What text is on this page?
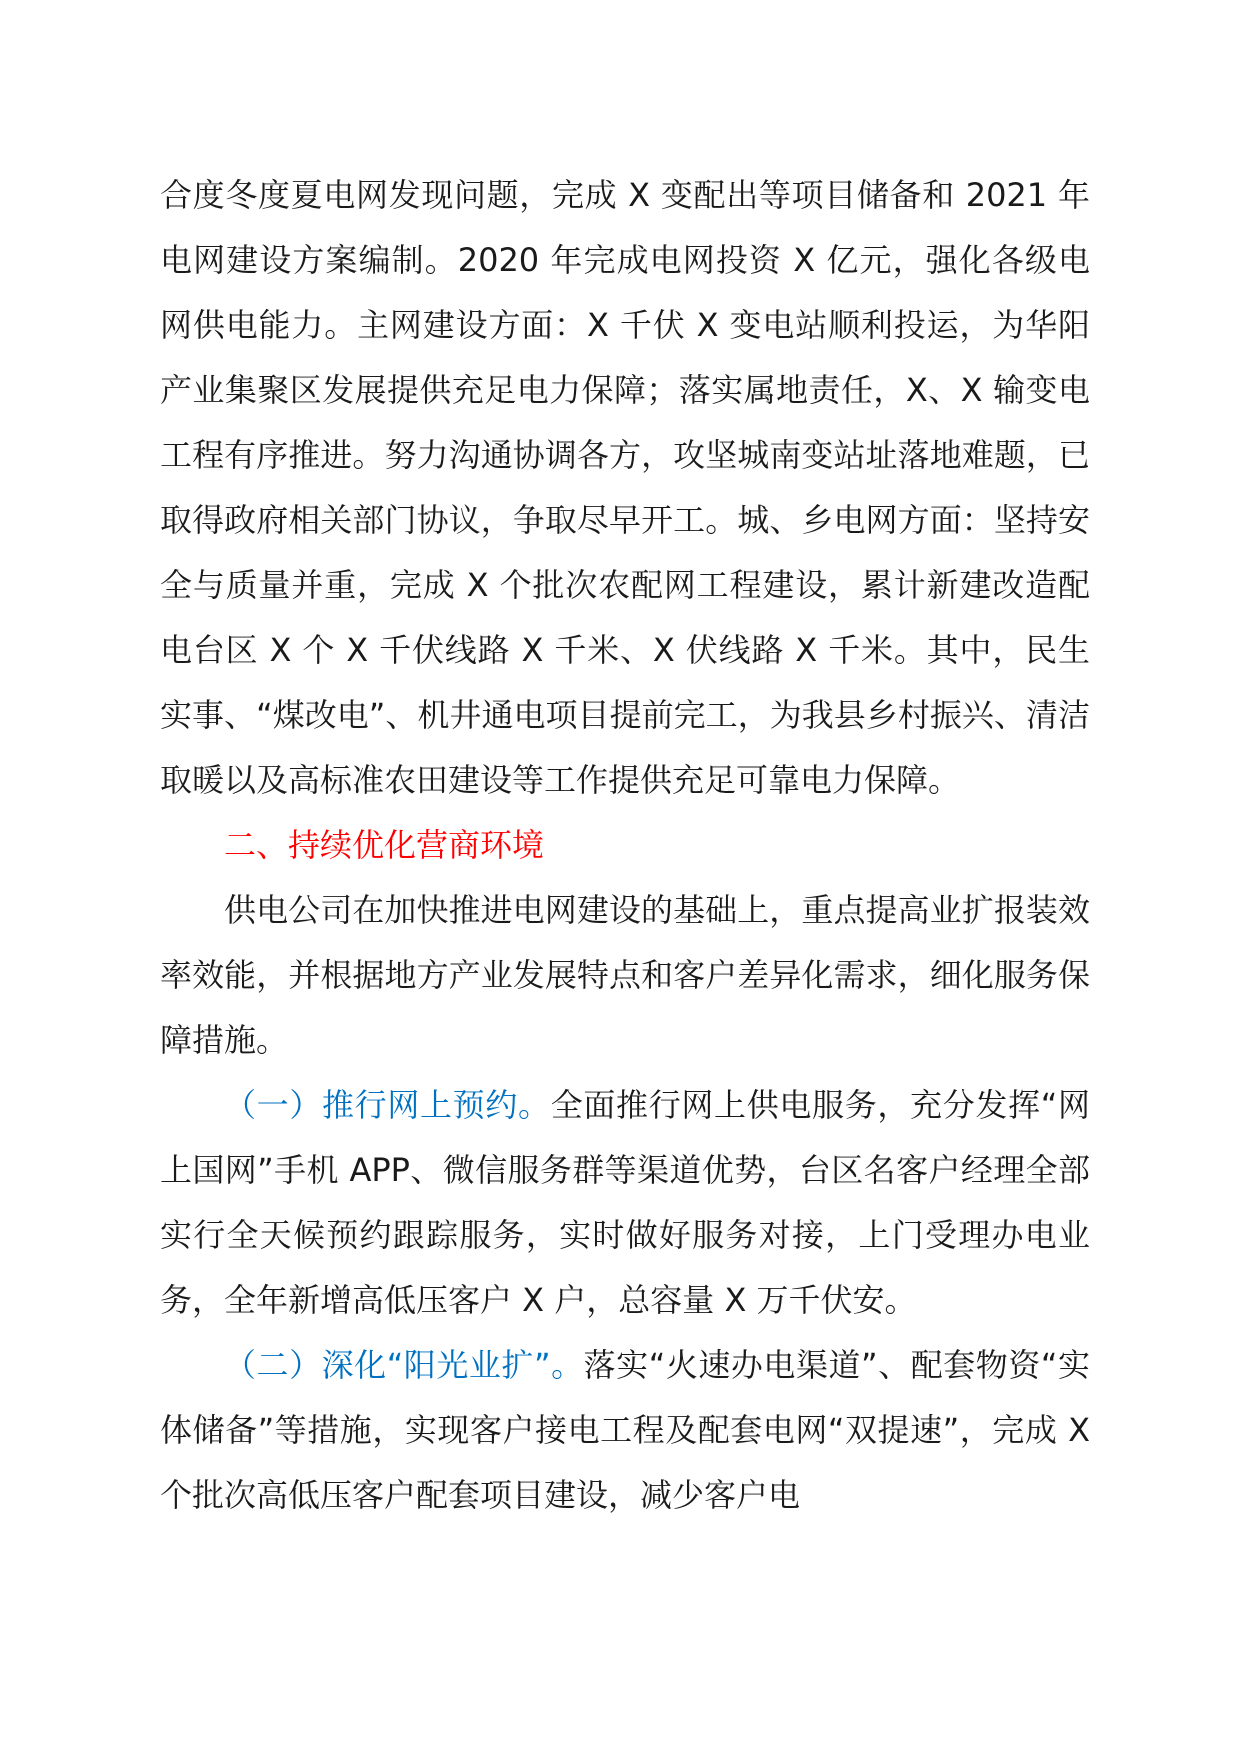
合度冬度夏电网发现问题，完成 X 变配出等项目储备和 2021 年电网建设方案编制。2020 年完成电网投资 X 亿元，强化各级电网供电能力。主网建设方面：X 千伏 X 变电站顺利投运，为华阳产业集聚区发展提供充足电力保障；落实属地责任，X、X 输变电工程有序推进。努力沟通协调各方，攻坚城南变站址落地难题，已取得政府相关部门协议，争取尽早开工。城、乡电网方面：坚持安全与质量并重，完成 X 个批次农配网工程建设，累计新建改造配电台区 X 个 X 千伏线路 X 千米、X 伏线路 X 千米。其中，民生实事、“煤改电”、机井通电项目提前完工，为我县乡村振兴、清洁取暖以及高标准农田建设等工作提供充足可靠电力保障。

二、持续优化营商环境

供电公司在加快推进电网建设的基础上，重点提高业扩报装效率效能，并根据地方产业发展特点和客户差异化需求，细化服务保障措施。

（一）推行网上预约。全面推行网上供电服务，充分发挥“网上国网”手机 APP、微信服务群等渠道优势，台区名客户经理全部实行全天候预约跟踪服务，实时做好服务对接，上门受理办电业务，全年新增高低压客户 X 户，总容量 X 万千伏安。

（二）深化“阳光业扩”。落实“火速办电渠道”、配套物资“实体储备”等措施，实现客户接电工程及配套电网“双提速”，完成 X 个批次高低压客户配套项目建设，减少客户电
